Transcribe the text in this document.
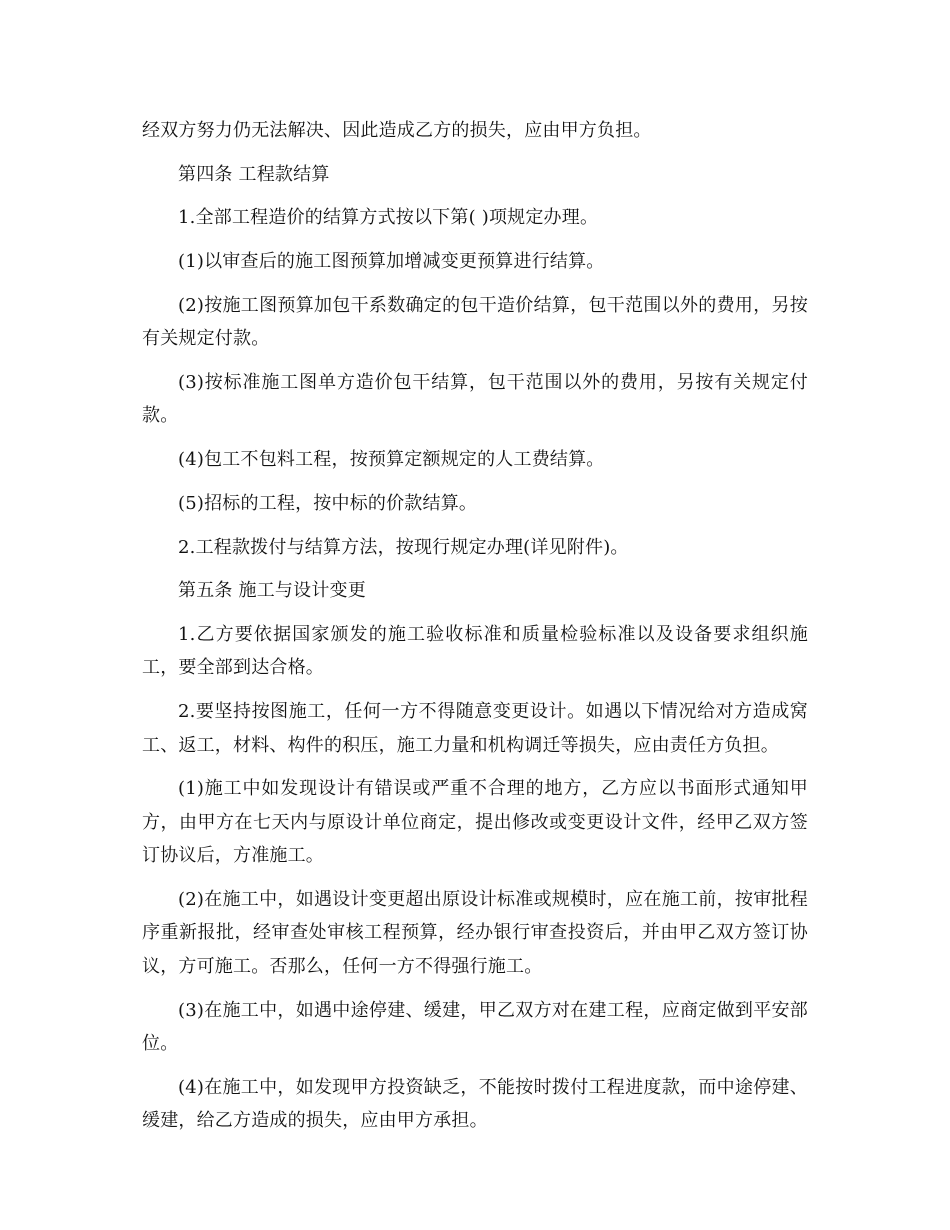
经双方努力仍无法解决、因此造成乙方的损失，应由甲方负担。

第四条 工程款结算

1.全部工程造价的结算方式按以下第( )项规定办理。

(1)以审查后的施工图预算加增减变更预算进行结算。

(2)按施工图预算加包干系数确定的包干造价结算，包干范围以外的费用，另按有关规定付款。

(3)按标准施工图单方造价包干结算，包干范围以外的费用，另按有关规定付款。

(4)包工不包料工程，按预算定额规定的人工费结算。

(5)招标的工程，按中标的价款结算。

2.工程款拨付与结算方法，按现行规定办理(详见附件)。

第五条 施工与设计变更

1.乙方要依据国家颁发的施工验收标准和质量检验标准以及设备要求组织施工，要全部到达合格。

2.要坚持按图施工，任何一方不得随意变更设计。如遇以下情况给对方造成窝工、返工，材料、构件的积压，施工力量和机构调迁等损失，应由责任方负担。

(1)施工中如发现设计有错误或严重不合理的地方，乙方应以书面形式通知甲方，由甲方在七天内与原设计单位商定，提出修改或变更设计文件，经甲乙双方签订协议后，方准施工。

(2)在施工中，如遇设计变更超出原设计标准或规模时，应在施工前，按审批程序重新报批，经审查处审核工程预算，经办银行审查投资后，并由甲乙双方签订协议，方可施工。否那么，任何一方不得强行施工。

(3)在施工中，如遇中途停建、缓建，甲乙双方对在建工程，应商定做到平安部位。

(4)在施工中，如发现甲方投资缺乏，不能按时拨付工程进度款，而中途停建、缓建，给乙方造成的损失，应由甲方承担。
